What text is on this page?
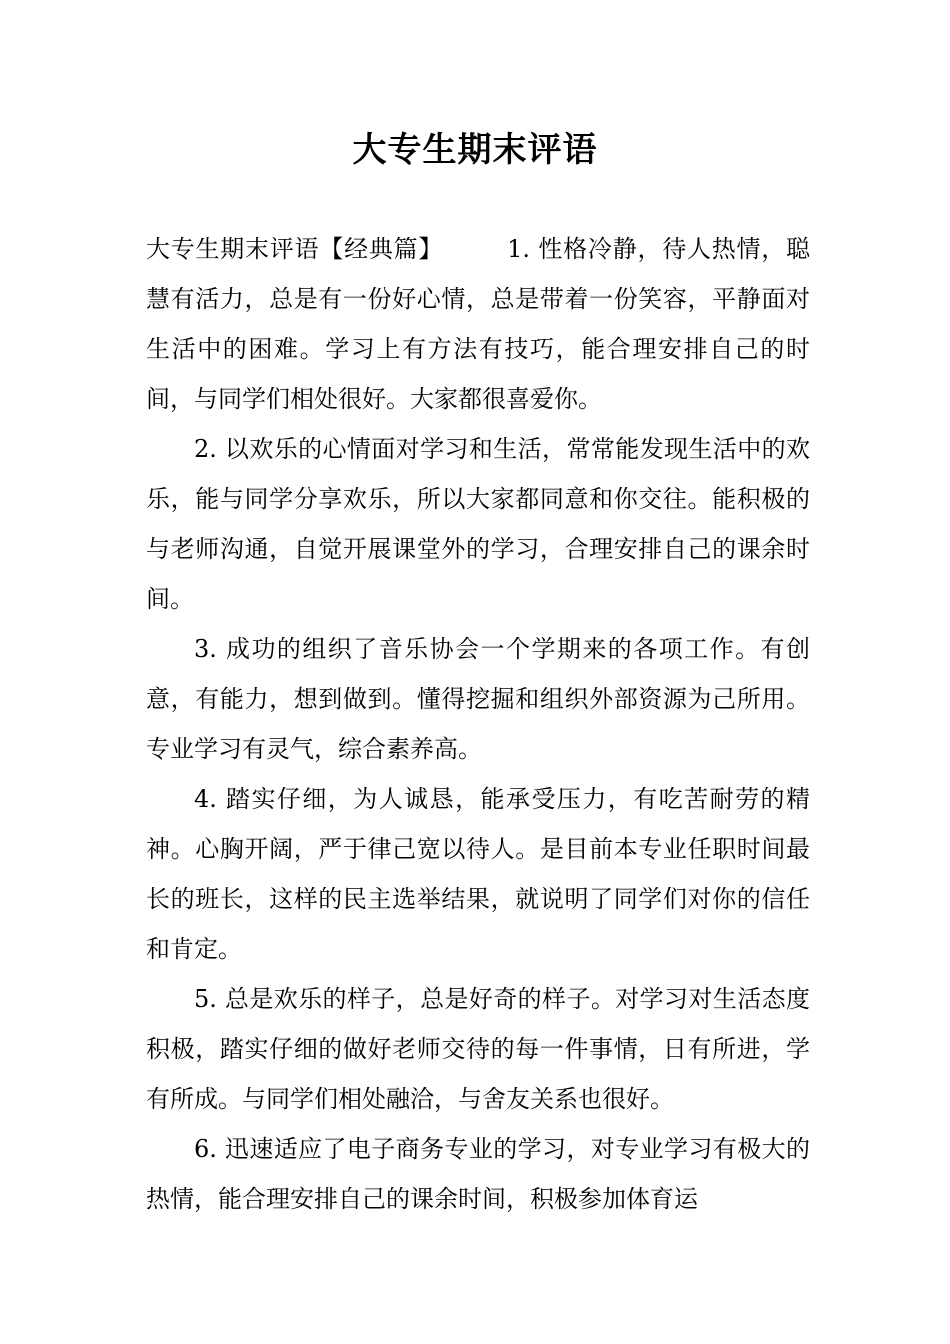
大专生期末评语

大专生期末评语【经典篇】	1. 性格冷静，待人热情，聪慧有活力，总是有一份好心情，总是带着一份笑容，平静面对生活中的困难。学习上有方法有技巧，能合理安排自己的时间，与同学们相处很好。大家都很喜爱你。

2. 以欢乐的心情面对学习和生活，常常能发现生活中的欢乐，能与同学分享欢乐，所以大家都同意和你交往。能积极的与老师沟通，自觉开展课堂外的学习，合理安排自己的课余时间。

3. 成功的组织了音乐协会一个学期来的各项工作。有创意，有能力，想到做到。懂得挖掘和组织外部资源为己所用。专业学习有灵气，综合素养高。

4. 踏实仔细，为人诚恳，能承受压力，有吃苦耐劳的精神。心胸开阔，严于律己宽以待人。是目前本专业任职时间最长的班长，这样的民主选举结果，就说明了同学们对你的信任和肯定。

5. 总是欢乐的样子，总是好奇的样子。对学习对生活态度积极，踏实仔细的做好老师交待的每一件事情，日有所进，学有所成。与同学们相处融洽，与舍友关系也很好。

6. 迅速适应了电子商务专业的学习，对专业学习有极大的热情，能合理安排自己的课余时间，积极参加体育运
